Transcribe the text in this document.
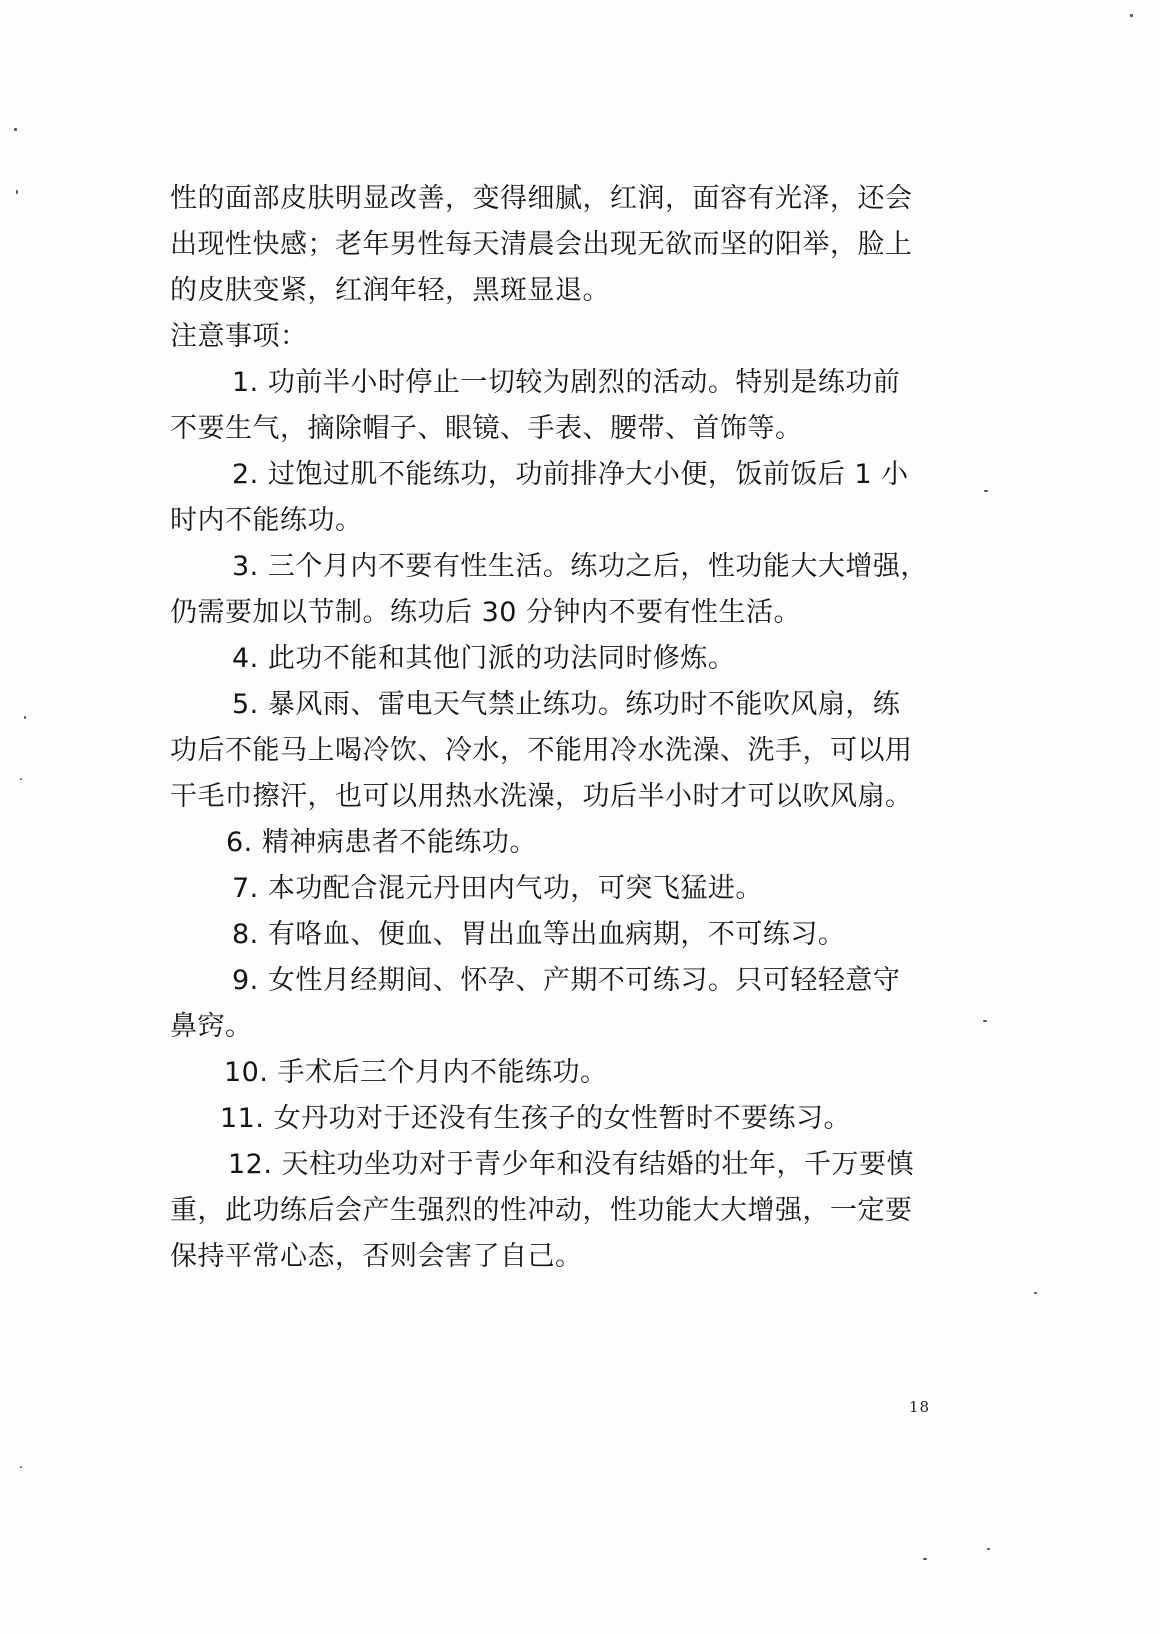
性的面部皮肤明显改善，变得细腻，红润，面容有光泽，还会
出现性快感；老年男性每天清晨会出现无欲而坚的阳举，脸上
的皮肤变紧，红润年轻，黑斑显退。
注意事项：
1. 功前半小时停止一切较为剧烈的活动。特别是练功前
不要生气，摘除帽子、眼镜、手表、腰带、首饰等。
2. 过饱过肌不能练功，功前排净大小便，饭前饭后 1 小
时内不能练功。
3. 三个月内不要有性生活。练功之后，性功能大大增强，
仍需要加以节制。练功后 30 分钟内不要有性生活。
4. 此功不能和其他门派的功法同时修炼。
5. 暴风雨、雷电天气禁止练功。练功时不能吹风扇，练
功后不能马上喝冷饮、冷水，不能用冷水洗澡、洗手，可以用
干毛巾擦汗，也可以用热水洗澡，功后半小时才可以吹风扇。
6. 精神病患者不能练功。
7. 本功配合混元丹田内气功，可突飞猛进。
8. 有咯血、便血、胃出血等出血病期，不可练习。
9. 女性月经期间、怀孕、产期不可练习。只可轻轻意守
鼻窍。
10. 手术后三个月内不能练功。
11. 女丹功对于还没有生孩子的女性暂时不要练习。
12. 天柱功坐功对于青少年和没有结婚的壮年，千万要慎
重，此功练后会产生强烈的性冲动，性功能大大增强，一定要
保持平常心态，否则会害了自己。
18
